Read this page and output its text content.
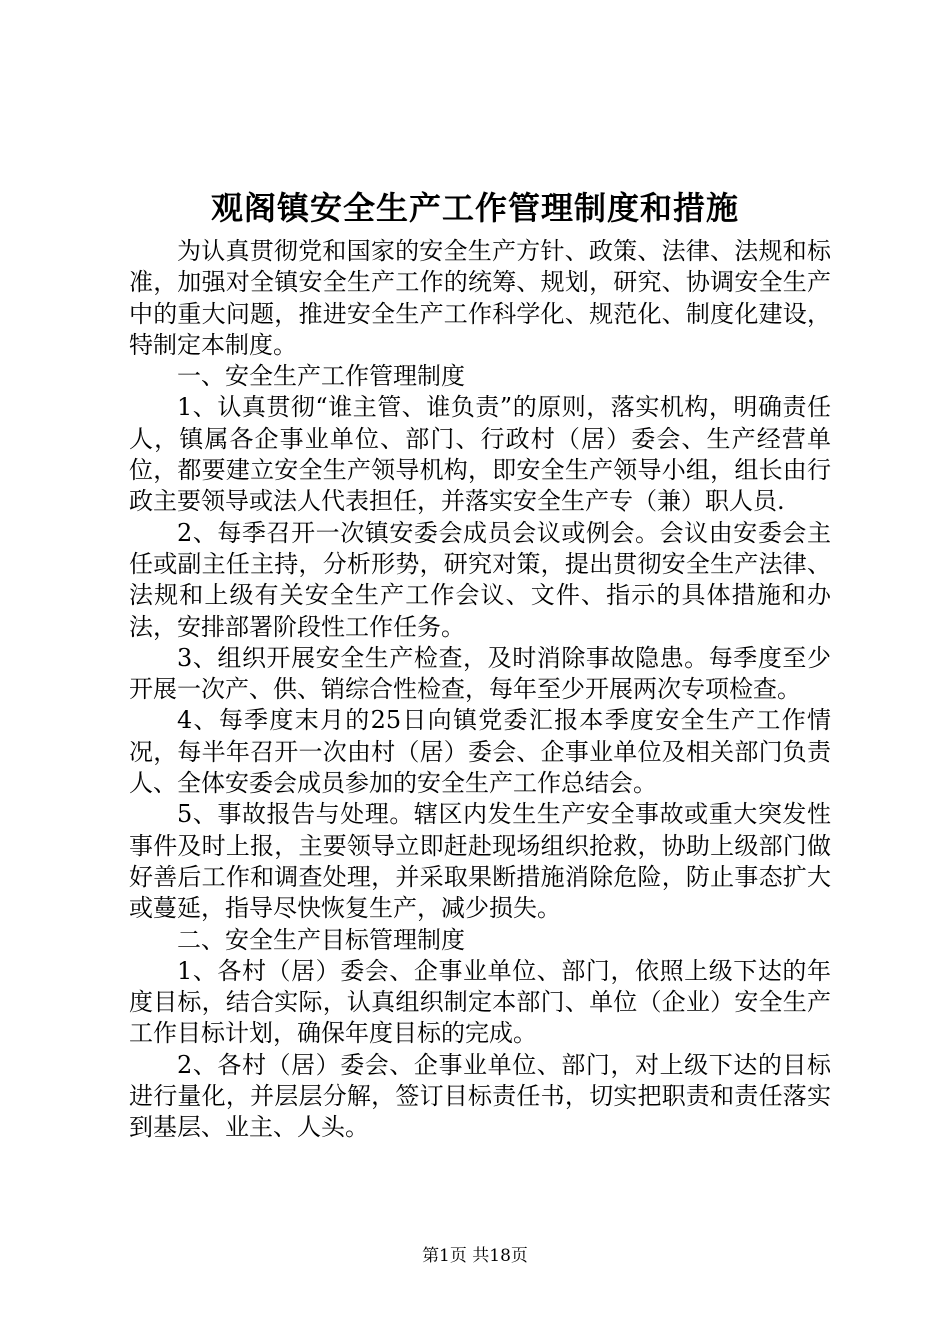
观阁镇安全生产工作管理制度和措施

为认真贯彻党和国家的安全生产方针、政策、法律、法规和标准，加强对全镇安全生产工作的统筹、规划，研究、协调安全生产中的重大问题，推进安全生产工作科学化、规范化、制度化建设，特制定本制度。

一、安全生产工作管理制度

1、认真贯彻“谁主管、谁负责”的原则，落实机构，明确责任人，镇属各企事业单位、部门、行政村（居）委会、生产经营单位，都要建立安全生产领导机构，即安全生产领导小组，组长由行政主要领导或法人代表担任，并落实安全生产专（兼）职人员.

2、每季召开一次镇安委会成员会议或例会。会议由安委会主任或副主任主持，分析形势，研究对策，提出贯彻安全生产法律、法规和上级有关安全生产工作会议、文件、指示的具体措施和办法，安排部署阶段性工作任务。

3、组织开展安全生产检查，及时消除事故隐患。每季度至少开展一次产、供、销综合性检查，每年至少开展两次专项检查。

4、每季度末月的25日向镇党委汇报本季度安全生产工作情况，每半年召开一次由村（居）委会、企事业单位及相关部门负责人、全体安委会成员参加的安全生产工作总结会。

5、事故报告与处理。辖区内发生生产安全事故或重大突发性事件及时上报，主要领导立即赶赴现场组织抢救，协助上级部门做好善后工作和调查处理，并采取果断措施消除危险，防止事态扩大或蔓延，指导尽快恢复生产，减少损失。

二、安全生产目标管理制度

1、各村（居）委会、企事业单位、部门，依照上级下达的年度目标，结合实际，认真组织制定本部门、单位（企业）安全生产工作目标计划，确保年度目标的完成。

2、各村（居）委会、企事业单位、部门，对上级下达的目标进行量化，并层层分解，签订目标责任书，切实把职责和责任落实到基层、业主、人头。

第1页 共18页
